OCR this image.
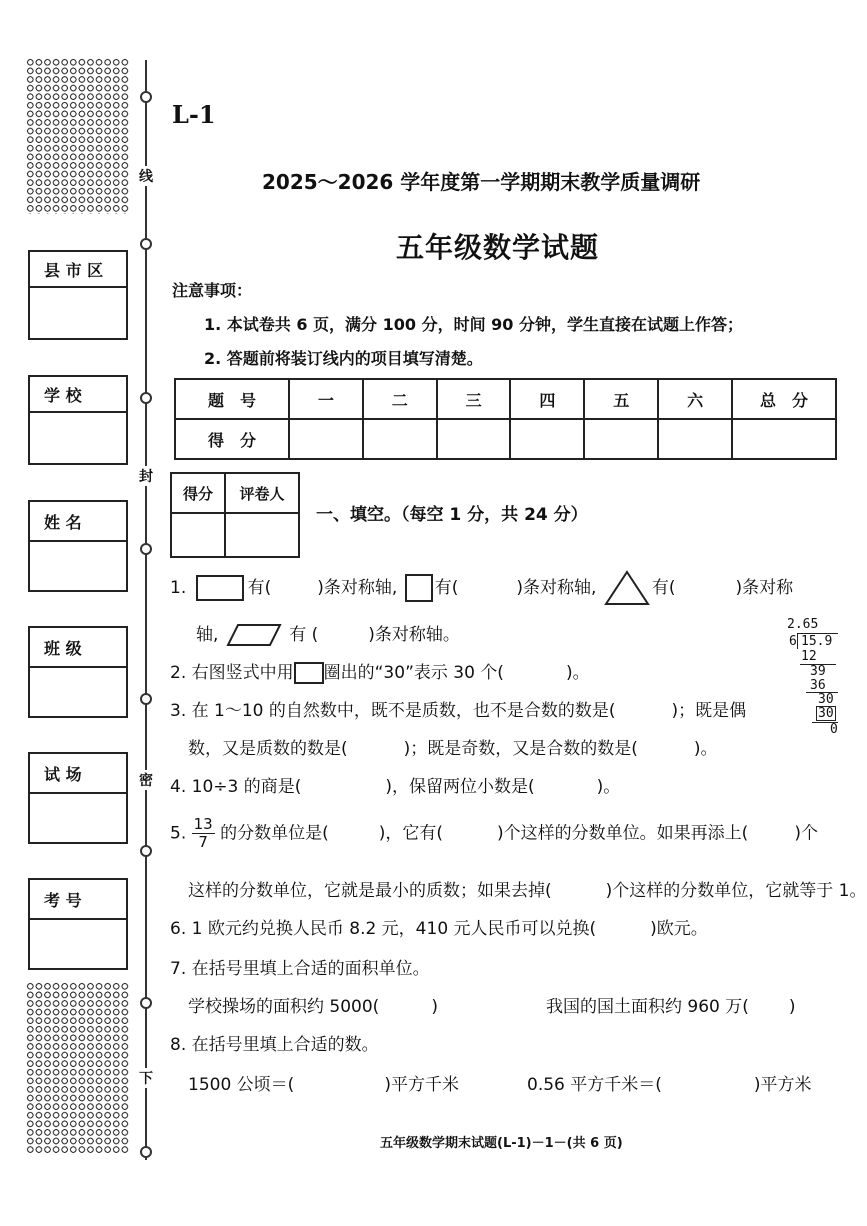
县 市 区
学 校
姓 名
班 级
试 场
考 号
线
封
密
下
L-1
2025～2026 学年度第一学期期末教学质量调研
五年级数学试题
注意事项：
1. 本试卷共 6 页，满分 100 分，时间 90 分钟，学生直接在试题上作答；
2. 答题前将装订线内的项目填写清楚。
题　号	一	二	三	四	五	六	总　分
得　分							
得分	评卷人

一、填空。（每空 1 分，共 24 分）
1.	有(	)条对称轴, 有(	)条对称轴,	有(	)条对称
轴,	有 (	)条对称轴。
2. 右图竖式中用 圈出的“30”表示 30 个(	)。
2.65
6 15.9
12
39
36
30
30
0
3. 在 1～10 的自然数中，既不是质数，也不是合数的数是(	)；既是偶
数，又是质数的数是(	)；既是奇数，又是合数的数是(	)。
4. 10÷3 的商是(	)，保留两位小数是(	)。
5. $\frac{13}{7}$ 的分数单位是(	)，它有(	)个这样的分数单位。如果再添上(	)个
这样的分数单位，它就是最小的质数；如果去掉(	)个这样的分数单位，它就等于 1。
6. 1 欧元约兑换人民币 8.2 元，410 元人民币可以兑换(	)欧元。
7. 在括号里填上合适的面积单位。
学校操场的面积约 5000(	)	我国的国土面积约 960 万( )
8. 在括号里填上合适的数。
1500 公顷＝(	)平方千米	0.56 平方千米＝(	)平方米
五年级数学期末试题(L-1)－1－(共 6 页)
